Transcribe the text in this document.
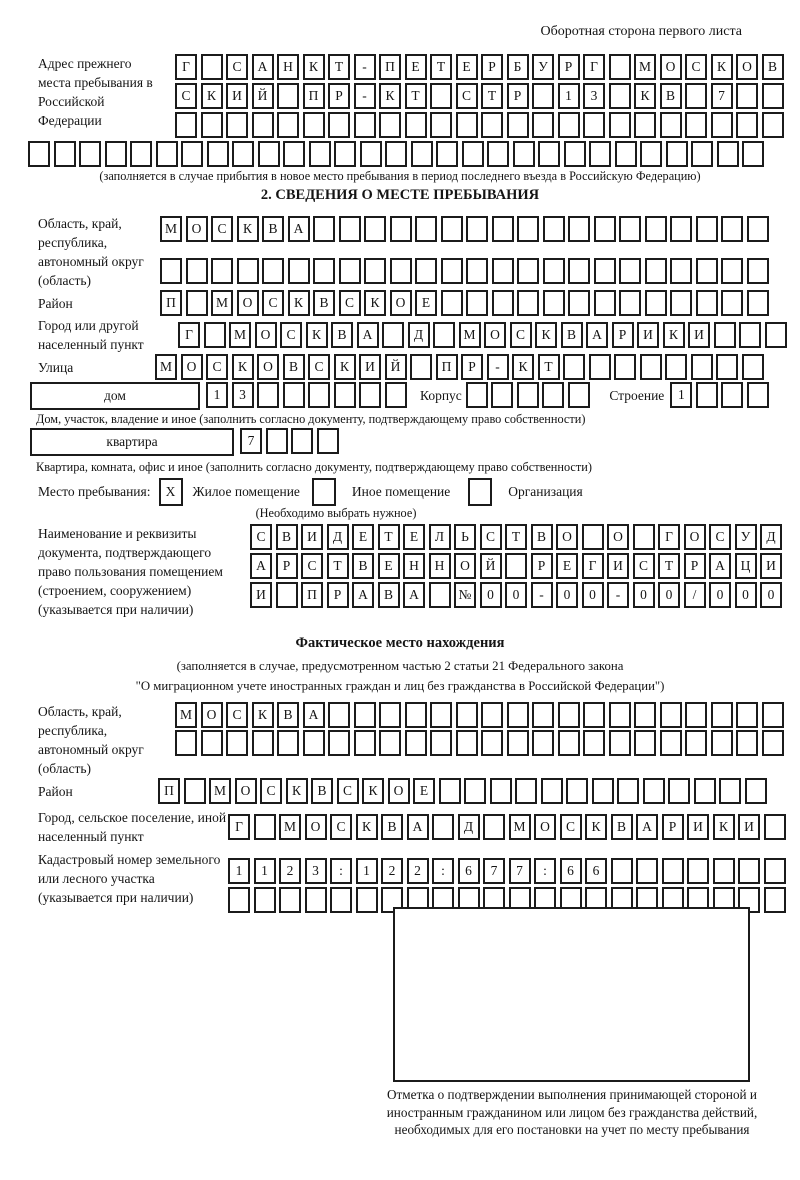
Оборотная сторона первого листа
Адрес прежнего места пребывания в Российской Федерации
Г	С А Н К Т - П Е Т Е Р Б У Р Г	М О С К О В
С К И Й	П Р - К Т	С Т Р	1 3	К В	7
(заполняется в случае прибытия в новое место пребывания в период последнего въезда в Российскую Федерацию)
2. СВЕДЕНИЯ О МЕСТЕ ПРЕБЫВАНИЯ
Область, край, республика, автономный округ (область)
М О С К В А
Район	П	М О С К В С К О Е
Город или другой населенный пункт
Г	М О С К В А	Д	М О С К В А Р И К И
Улица	М О С К О В С К И Й	П Р - К Т
дом	1 3	$^{Корпус}$	$^{Строение}$ 1
Дом, участок, владение и иное (заполнить согласно документу, подтверждающему право собственности)
квартира	7
Квартира, комната, офис и иное (заполнить согласно документу, подтверждающему право собственности)
Место пребывания: X Жилое помещение	Иное помещение	Организация
(Необходимо выбрать нужное)
Наименование и реквизиты документа, подтверждающего право пользования помещением (строением, сооружением) (указывается при наличии)
С В И Д Е Т Е Л Ь С Т В О	О	Г О С У Д
А Р С Т В Е Н Н О Й	Р Е Г И С Т Р А Ц И
И	П Р А В А	№ 0 0 - 0 0 - 0 0 / 0 0 0
Фактическое место нахождения
(заполняется в случае, предусмотренном частью 2 статьи 21 Федерального закона
"О миграционном учете иностранных граждан и лиц без гражданства в Российской Федерации")
Область, край, республика, автономный округ (область)
М О С К В А
Район	П	М О С К В С К О Е
Город, сельское поселение, иной населенный пункт
Г	М О С К В А	Д	М О С К В А Р И К И
Кадастровый номер земельного или лесного участка (указывается при наличии)
1 1 2 3 : 1 2 2 : 6 7 7 : 6 6
Отметка о подтверждении выполнения принимающей стороной и иностранным гражданином или лицом без гражданства действий, необходимых для его постановки на учет по месту пребывания
